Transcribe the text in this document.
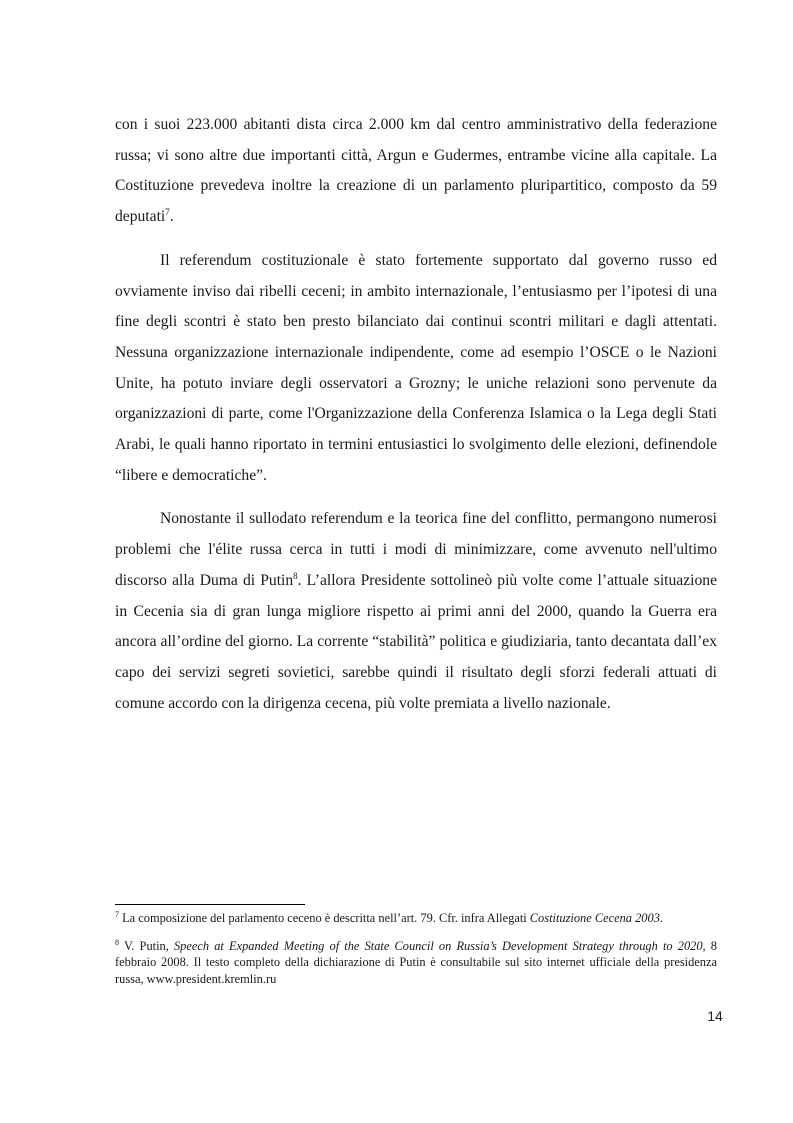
con i suoi 223.000 abitanti dista circa 2.000 km dal centro amministrativo della federazione russa; vi sono altre due importanti città, Argun e Gudermes, entrambe vicine alla capitale. La Costituzione prevedeva inoltre la creazione di un parlamento pluripartitico, composto da 59 deputati$^7$.

Il referendum costituzionale è stato fortemente supportato dal governo russo ed ovviamente inviso dai ribelli ceceni; in ambito internazionale, l’entusiasmo per l’ipotesi di una fine degli scontri è stato ben presto bilanciato dai continui scontri militari e dagli attentati. Nessuna organizzazione internazionale indipendente, come ad esempio l’OSCE o le Nazioni Unite, ha potuto inviare degli osservatori a Grozny; le uniche relazioni sono pervenute da organizzazioni di parte, come l'Organizzazione della Conferenza Islamica o la Lega degli Stati Arabi, le quali hanno riportato in termini entusiastici lo svolgimento delle elezioni, definendole “libere e democratiche”.

Nonostante il sullodato referendum e la teorica fine del conflitto, permangono numerosi problemi che l'élite russa cerca in tutti i modi di minimizzare, come avvenuto nell'ultimo discorso alla Duma di Putin$^8$. L’allora Presidente sottolineò più volte come l’attuale situazione in Cecenia sia di gran lunga migliore rispetto ai primi anni del 2000, quando la Guerra era ancora all’ordine del giorno. La corrente “stabilità” politica e giudiziaria, tanto decantata dall’ex capo dei servizi segreti sovietici, sarebbe quindi il risultato degli sforzi federali attuati di comune accordo con la dirigenza cecena, più volte premiata a livello nazionale.

$^7$ La composizione del parlamento ceceno è descritta nell’art. 79. Cfr. infra Allegati Costituzione Cecena 2003.

$^8$ V. Putin, Speech at Expanded Meeting of the State Council on Russia’s Development Strategy through to 2020, 8 febbraio 2008. Il testo completo della dichiarazione di Putin è consultabile sul sito internet ufficiale della presidenza russa, www.president.kremlin.ru

14
